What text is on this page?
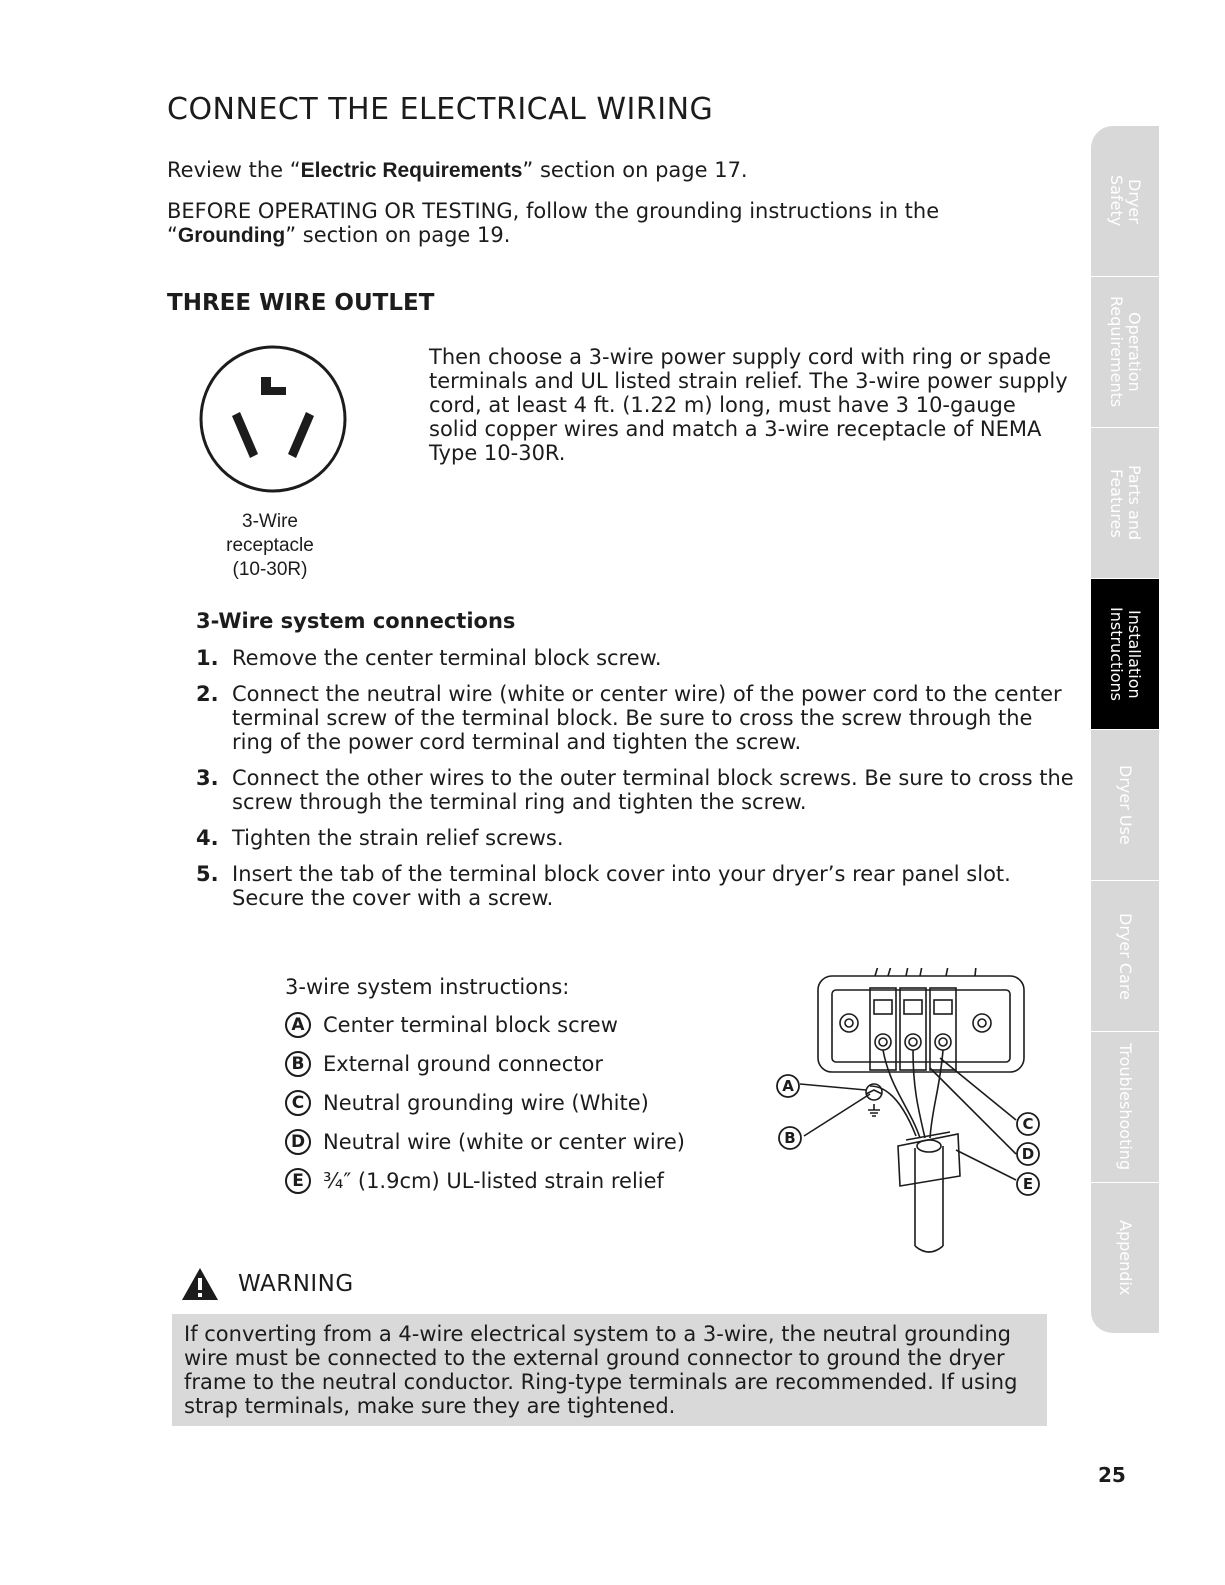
CONNECT THE ELECTRICAL WIRING

Review the “Electric Requirements” section on page 17.

BEFORE OPERATING OR TESTING, follow the grounding instructions in the “Grounding” section on page 19.

THREE WIRE OUTLET
3-Wire
receptacle
(10-30R)

Then choose a 3-wire power supply cord with ring or spade terminals and UL listed strain relief. The 3-wire power supply cord, at least 4 ft. (1.22 m) long, must have 3 10-gauge solid copper wires and match a 3-wire receptacle of NEMA Type 10-30R.

3-Wire system connections
1. Remove the center terminal block screw.
2. Connect the neutral wire (white or center wire) of the power cord to the center terminal screw of the terminal block. Be sure to cross the screw through the ring of the power cord terminal and tighten the screw.
3. Connect the other wires to the outer terminal block screws. Be sure to cross the screw through the terminal ring and tighten the screw.
4. Tighten the strain relief screws.
5. Insert the tab of the terminal block cover into your dryer’s rear panel slot. Secure the cover with a screw.
3-wire system instructions:
A Center terminal block screw
B External ground connector
C Neutral grounding wire (White)
D Neutral wire (white or center wire)
E ¾″ (1.9cm) UL-listed strain relief
A
B
C
D
E
WARNING
If converting from a 4-wire electrical system to a 3-wire, the neutral grounding wire must be connected to the external ground connector to ground the dryer frame to the neutral conductor. Ring-type terminals are recommended. If using strap terminals, make sure they are tightened.
Dryer
Safety
Operation
Requirements
Parts and
Features
Installation
Instructions
Dryer Use
Dryer Care
Troubleshooting
Appendix
25
